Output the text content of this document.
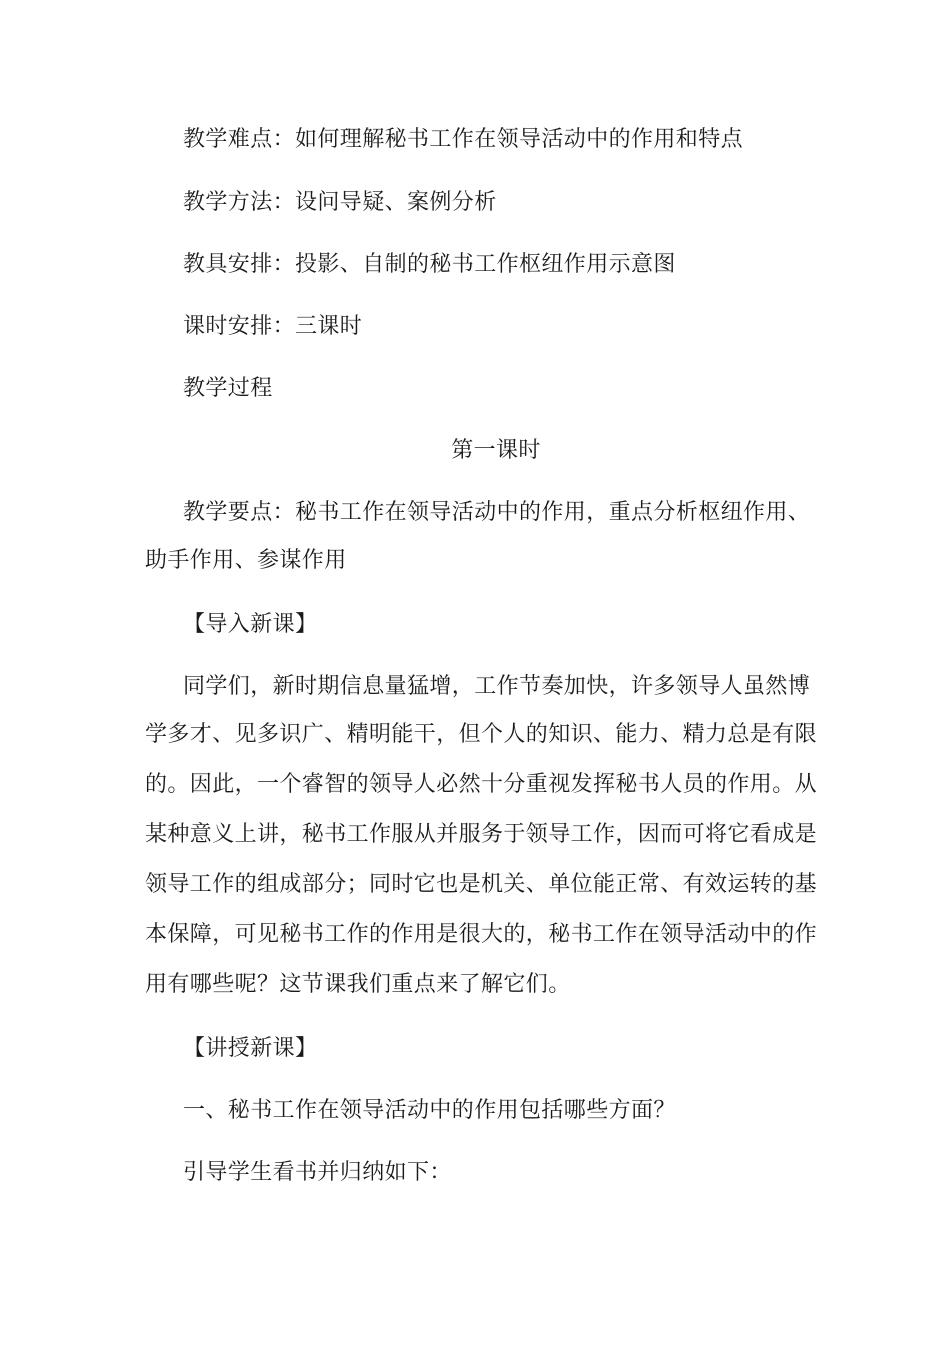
教学难点：如何理解秘书工作在领导活动中的作用和特点
教学方法：设问导疑、案例分析
教具安排：投影、自制的秘书工作枢纽作用示意图
课时安排：三课时
教学过程
第一课时
教学要点：秘书工作在领导活动中的作用，重点分析枢纽作用、
助手作用、参谋作用
【导入新课】
同学们，新时期信息量猛增，工作节奏加快，许多领导人虽然博
学多才、见多识广、精明能干，但个人的知识、能力、精力总是有限
的。因此，一个睿智的领导人必然十分重视发挥秘书人员的作用。从
某种意义上讲，秘书工作服从并服务于领导工作，因而可将它看成是
领导工作的组成部分；同时它也是机关、单位能正常、有效运转的基
本保障，可见秘书工作的作用是很大的，秘书工作在领导活动中的作
用有哪些呢？这节课我们重点来了解它们。
【讲授新课】
一、秘书工作在领导活动中的作用包括哪些方面？
引导学生看书并归纳如下：
